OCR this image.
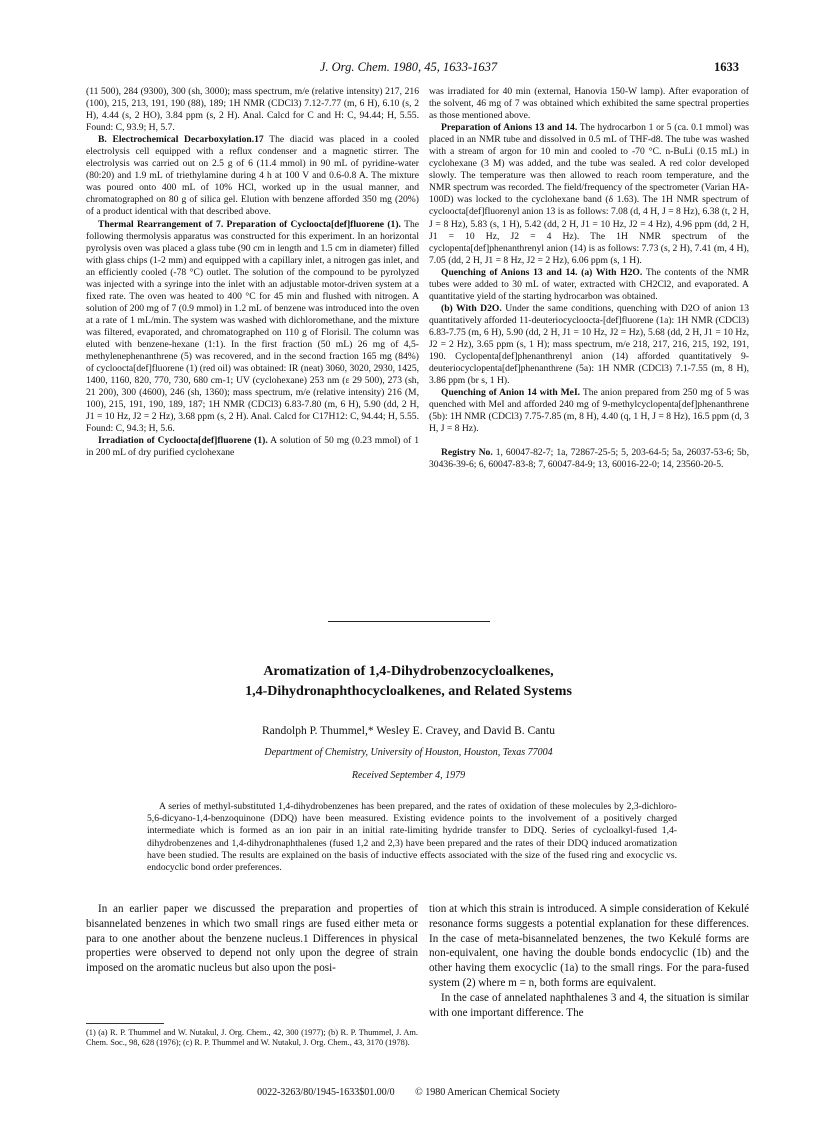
J. Org. Chem. 1980, 45, 1633-1637	1633

(11 500), 284 (9300), 300 (sh, 3000); mass spectrum, m/e (relative intensity) 217, 216 (100), 215, 213, 191, 190 (88), 189; 1H NMR (CDCl3) 7.12-7.77 (m, 6 H), 6.10 (s, 2 H), 4.44 (s, 2 HO), 3.84 ppm (s, 2 H). Anal. Calcd for C and H: C, 94.44; H, 5.55. Found: C, 93.9; H, 5.7.

B. Electrochemical Decarboxylation.17 The diacid was placed in a cooled electrolysis cell equipped with a reflux condenser and a magnetic stirrer. The electrolysis was carried out on 2.5 g of 6 (11.4 mmol) in 90 mL of pyridine-water (80:20) and 1.9 mL of triethylamine during 4 h at 100 V and 0.6-0.8 A. The mixture was poured onto 400 mL of 10% HCl, worked up in the usual manner, and chromatographed on 80 g of silica gel. Elution with benzene afforded 350 mg (20%) of a product identical with that described above.

Thermal Rearrangement of 7. Preparation of Cycloocta[def]fluorene (1). The following thermolysis apparatus was constructed for this experiment. In an horizontal pyrolysis oven was placed a glass tube (90 cm in length and 1.5 cm in diameter) filled with glass chips (1-2 mm) and equipped with a capillary inlet, a nitrogen gas inlet, and an efficiently cooled (-78 °C) outlet. The solution of the compound to be pyrolyzed was injected with a syringe into the inlet with an adjustable motor-driven system at a fixed rate. The oven was heated to 400 °C for 45 min and flushed with nitrogen. A solution of 200 mg of 7 (0.9 mmol) in 1.2 mL of benzene was introduced into the oven at a rate of 1 mL/min. The system was washed with dichloromethane, and the mixture was filtered, evaporated, and chromatographed on 110 g of Florisil. The column was eluted with benzene-hexane (1:1). In the first fraction (50 mL) 26 mg of 4,5-methylenephenanthrene (5) was recovered, and in the second fraction 165 mg (84%) of cycloocta[def]fluorene (1) (red oil) was obtained: IR (neat) 3060, 3020, 2930, 1425, 1400, 1160, 820, 770, 730, 680 cm-1; UV (cyclohexane) 253 nm (ε 29 500), 273 (sh, 21 200), 300 (4600), 246 (sh, 1360); mass spectrum, m/e (relative intensity) 216 (M, 100), 215, 191, 190, 189, 187; 1H NMR (CDCl3) 6.83-7.80 (m, 6 H), 5.90 (dd, 2 H, J1 = 10 Hz, J2 = 2 Hz), 3.68 ppm (s, 2 H). Anal. Calcd for C17H12: C, 94.44; H, 5.55. Found: C, 94.3; H, 5.6.

Irradiation of Cycloocta[def]fluorene (1). A solution of 50 mg (0.23 mmol) of 1 in 200 mL of dry purified cyclohexane

was irradiated for 40 min (external, Hanovia 150-W lamp). After evaporation of the solvent, 46 mg of 7 was obtained which exhibited the same spectral properties as those mentioned above.

Preparation of Anions 13 and 14. The hydrocarbon 1 or 5 (ca. 0.1 mmol) was placed in an NMR tube and dissolved in 0.5 mL of THF-d8. The tube was washed with a stream of argon for 10 min and cooled to -70 °C. n-BuLi (0.15 mL) in cyclohexane (3 M) was added, and the tube was sealed. A red color developed slowly. The temperature was then allowed to reach room temperature, and the NMR spectrum was recorded. The field/frequency of the spectrometer (Varian HA-100D) was locked to the cyclohexane band (δ 1.63). The 1H NMR spectrum of cycloocta[def]fluorenyl anion 13 is as follows: 7.08 (d, 4 H, J = 8 Hz), 6.38 (t, 2 H, J = 8 Hz), 5.83 (s, 1 H), 5.42 (dd, 2 H, J1 = 10 Hz, J2 = 4 Hz), 4.96 ppm (dd, 2 H, J1 = 10 Hz, J2 = 4 Hz). The 1H NMR spectrum of the cyclopenta[def]phenanthrenyl anion (14) is as follows: 7.73 (s, 2 H), 7.41 (m, 4 H), 7.05 (dd, 2 H, J1 = 8 Hz, J2 = 2 Hz), 6.06 ppm (s, 1 H).

Quenching of Anions 13 and 14. (a) With H2O. The contents of the NMR tubes were added to 30 mL of water, extracted with CH2Cl2, and evaporated. A quantitative yield of the starting hydrocarbon was obtained.

(b) With D2O. Under the same conditions, quenching with D2O of anion 13 quantitatively afforded 11-deuteriocycloocta-[def]fluorene (1a): 1H NMR (CDCl3) 6.83-7.75 (m, 6 H), 5.90 (dd, 2 H, J1 = 10 Hz, J2 = Hz), 5.68 (dd, 2 H, J1 = 10 Hz, J2 = 2 Hz), 3.65 ppm (s, 1 H); mass spectrum, m/e 218, 217, 216, 215, 192, 191, 190. Cyclopenta[def]phenanthrenyl anion (14) afforded quantitatively 9-deuteriocyclopenta[def]phenanthrene (5a): 1H NMR (CDCl3) 7.1-7.55 (m, 8 H), 3.86 ppm (br s, 1 H).

Quenching of Anion 14 with MeI. The anion prepared from 250 mg of 5 was quenched with MeI and afforded 240 mg of 9-methylcyclopenta[def]phenanthrene (5b): 1H NMR (CDCl3) 7.75-7.85 (m, 8 H), 4.40 (q, 1 H, J = 8 Hz), 16.5 ppm (d, 3 H, J = 8 Hz).

Registry No. 1, 60047-82-7; 1a, 72867-25-5; 5, 203-64-5; 5a, 26037-53-6; 5b, 30436-39-6; 6, 60047-83-8; 7, 60047-84-9; 13, 60016-22-0; 14, 23560-20-5.

Aromatization of 1,4-Dihydrobenzocycloalkenes,
1,4-Dihydronaphthocycloalkenes, and Related Systems
Randolph P. Thummel,* Wesley E. Cravey, and David B. Cantu
Department of Chemistry, University of Houston, Houston, Texas 77004
Received September 4, 1979
A series of methyl-substituted 1,4-dihydrobenzenes has been prepared, and the rates of oxidation of these molecules by 2,3-dichloro-5,6-dicyano-1,4-benzoquinone (DDQ) have been measured. Existing evidence points to the involvement of a positively charged intermediate which is formed as an ion pair in an initial rate-limiting hydride transfer to DDQ. Series of cycloalkyl-fused 1,4-dihydrobenzenes and 1,4-dihydronaphthalenes (fused 1,2 and 2,3) have been prepared and the rates of their DDQ induced aromatization have been studied. The results are explained on the basis of inductive effects associated with the size of the fused ring and exocyclic vs. endocyclic bond order preferences.

In an earlier paper we discussed the preparation and properties of bisannelated benzenes in which two small rings are fused either meta or para to one another about the benzene nucleus.1 Differences in physical properties were observed to depend not only upon the degree of strain imposed on the aromatic nucleus but also upon the posi-

tion at which this strain is introduced. A simple consideration of Kekulé resonance forms suggests a potential explanation for these differences. In the case of meta-bisannelated benzenes, the two Kekulé forms are non-equivalent, one having the double bonds endocyclic (1b) and the other having them exocyclic (1a) to the small rings. For the para-fused system (2) where m = n, both forms are equivalent.

In the case of annelated naphthalenes 3 and 4, the situation is similar with one important difference. The

(1) (a) R. P. Thummel and W. Nutakul, J. Org. Chem., 42, 300 (1977); (b) R. P. Thummel, J. Am. Chem. Soc., 98, 628 (1976); (c) R. P. Thummel and W. Nutakul, J. Org. Chem., 43, 3170 (1978).
0022-3263/80/1945-1633$01.00/0 © 1980 American Chemical Society
